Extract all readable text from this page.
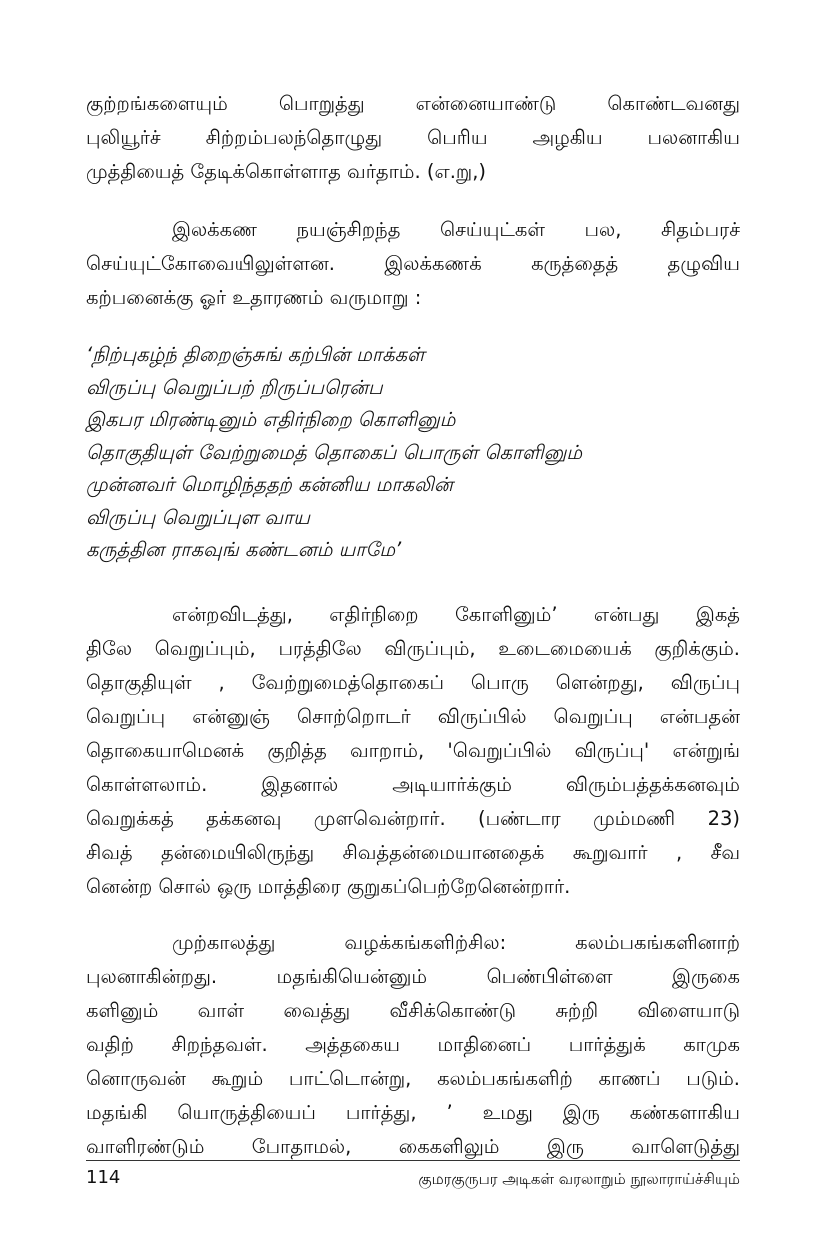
குற்றங்களையும் பொறுத்து என்னையாண்டு கொண்டவனது
புலியூர்ச் சிற்றம்பலந்தொழுது பெரிய அழகிய பலனாகிய
முத்தியைத் தேடிக்கொள்ளாத வர்தாம். (எ.று,)
இலக்கண நயஞ்சிறந்த செய்யுட்கள் பல, சிதம்பரச்
செய்யுட்கோவையிலுள்ளன. இலக்கணக் கருத்தைத் தழுவிய
கற்பனைக்கு ஓர் உதாரணம் வருமாறு :
‘நிற்புகழ்ந் திறைஞ்சுங் கற்பின் மாக்கள்
விருப்பு வெறுப்பற் றிருப்பரென்ப
இகபர மிரண்டினும் எதிர்நிறை கொளினும்
தொகுதியுள் வேற்றுமைத் தொகைப் பொருள் கொளினும்
முன்னவர் மொழிந்ததற் கன்னிய மாகலின்
விருப்பு வெறுப்புள வாய
கருத்தின ராகவுங் கண்டனம் யாமே’
என்றவிடத்து, எதிர்நிறை கோளினும்’ என்பது இகத்
திலே வெறுப்பும், பரத்திலே விருப்பும், உடைமையைக் குறிக்கும்.
தொகுதியுள் , வேற்றுமைத்தொகைப் பொரு ளென்றது, விருப்பு
வெறுப்பு என்னுஞ் சொற்றொடர் விருப்பில் வெறுப்பு என்பதன்
தொகையாமெனக் குறித்த வாறாம், 'வெறுப்பில் விருப்பு' என்றுங்
கொள்ளலாம். இதனால் அடியார்க்கும் விரும்பத்தக்கனவும்
வெறுக்கத் தக்கனவு முளவென்றார். (பண்டார மும்மணி 23)
சிவத் தன்மையிலிருந்து சிவத்தன்மையானதைக் கூறுவார் , சீவ
னென்ற சொல் ஒரு மாத்திரை குறுகப்பெற்றேனென்றார்.
முற்காலத்து வழக்கங்களிற்சில: கலம்பகங்களினாற்
புலனாகின்றது. மதங்கியென்னும் பெண்பிள்ளை இருகை
களினும் வாள் வைத்து வீசிக்கொண்டு சுற்றி விளையாடு
வதிற் சிறந்தவள். அத்தகைய மாதினைப் பார்த்துக் காமுக
னொருவன் கூறும் பாட்டொன்று, கலம்பகங்களிற் காணப் படும்.
மதங்கி யொருத்தியைப் பார்த்து, ’ உமது இரு கண்களாகிய
வாளிரண்டும் போதாமல், கைகளிலும் இரு வாளெடுத்து
114	குமரகுருபர அடிகள் வரலாறும் நூலாராய்ச்சியும்
